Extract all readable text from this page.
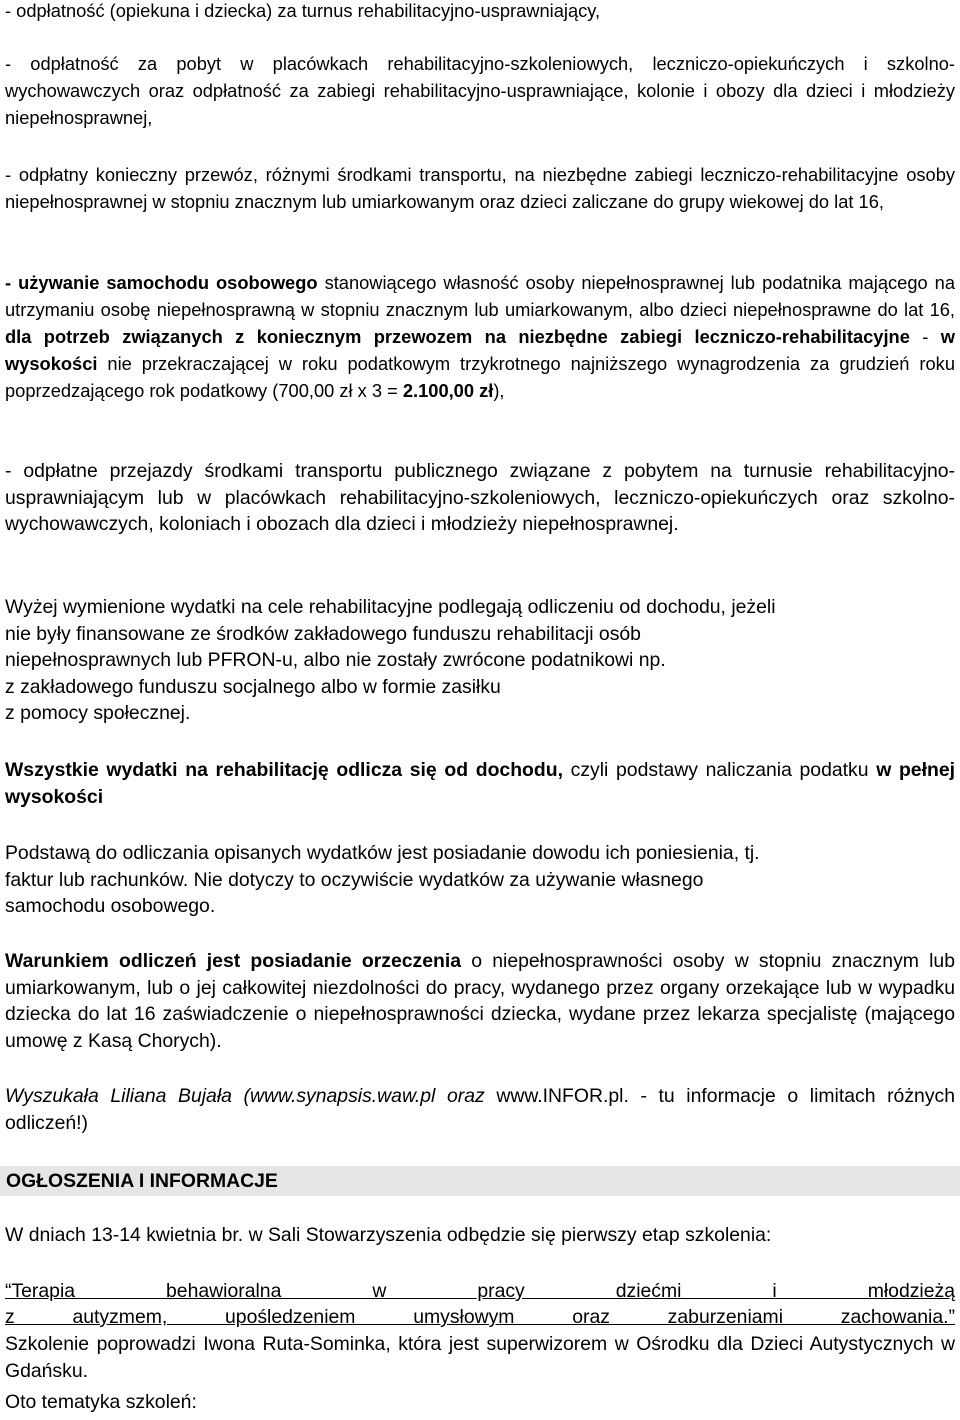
- odpłatność (opiekuna i dziecka) za turnus rehabilitacyjno-usprawniający,

- odpłatność za pobyt w placówkach rehabilitacyjno-szkoleniowych, leczniczo-opiekuńczych i szkolno-wychowawczych oraz odpłatność za zabiegi rehabilitacyjno-usprawniające, kolonie i obozy dla dzieci i młodzieży niepełnosprawnej,

- odpłatny konieczny przewóz, różnymi środkami transportu, na niezbędne zabiegi leczniczo-rehabilitacyjne osoby niepełnosprawnej w stopniu znacznym lub umiarkowanym oraz dzieci zaliczane do grupy wiekowej do lat 16,

- używanie samochodu osobowego stanowiącego własność osoby niepełnosprawnej lub podatnika mającego na utrzymaniu osobę niepełnosprawną w stopniu znacznym lub umiarkowanym, albo dzieci niepełnosprawne do lat 16, dla potrzeb związanych z koniecznym przewozem na niezbędne zabiegi leczniczo-rehabilitacyjne - w wysokości nie przekraczającej w roku podatkowym trzykrotnego najniższego wynagrodzenia za grudzień roku poprzedzającego rok podatkowy (700,00 zł x 3 = 2.100,00 zł),

- odpłatne przejazdy środkami transportu publicznego związane z pobytem na turnusie rehabilitacyjno-usprawniającym lub w placówkach rehabilitacyjno-szkoleniowych, leczniczo-opiekuńczych oraz szkolno-wychowawczych, koloniach i obozach dla dzieci i młodzieży niepełnosprawnej.

Wyżej wymienione wydatki na cele rehabilitacyjne podlegają odliczeniu od dochodu, jeżeli
nie były finansowane ze środków zakładowego funduszu rehabilitacji osób
niepełnosprawnych lub PFRON-u, albo nie zostały zwrócone podatnikowi np.
z zakładowego funduszu socjalnego albo w formie zasiłku
z pomocy społecznej.

Wszystkie wydatki na rehabilitację odlicza się od dochodu, czyli podstawy naliczania podatku w pełnej wysokości

Podstawą do odliczania opisanych wydatków jest posiadanie dowodu ich poniesienia, tj.
faktur lub rachunków. Nie dotyczy to oczywiście wydatków za używanie własnego
samochodu osobowego.

Warunkiem odliczeń jest posiadanie orzeczenia o niepełnosprawności osoby w stopniu znacznym lub umiarkowanym, lub o jej całkowitej niezdolności do pracy, wydanego przez organy orzekające lub w wypadku dziecka do lat 16 zaświadczenie o niepełnosprawności dziecka, wydane przez lekarza specjalistę (mającego umowę z Kasą Chorych).

Wyszukała Liliana Bujała (www.synapsis.waw.pl oraz www.INFOR.pl. - tu informacje o limitach różnych odliczeń!)

OGŁOSZENIA I INFORMACJE

W dniach 13-14 kwietnia br. w Sali Stowarzyszenia odbędzie się pierwszy etap szkolenia:

“Terapia behawioralna w pracy dziećmi i młodzieżą
z autyzmem, upośledzeniem umysłowym oraz zaburzeniami zachowania.”

Szkolenie poprowadzi Iwona Ruta-Sominka, która jest superwizorem w Ośrodku dla Dzieci Autystycznych w Gdańsku.

Oto tematyka szkoleń:
